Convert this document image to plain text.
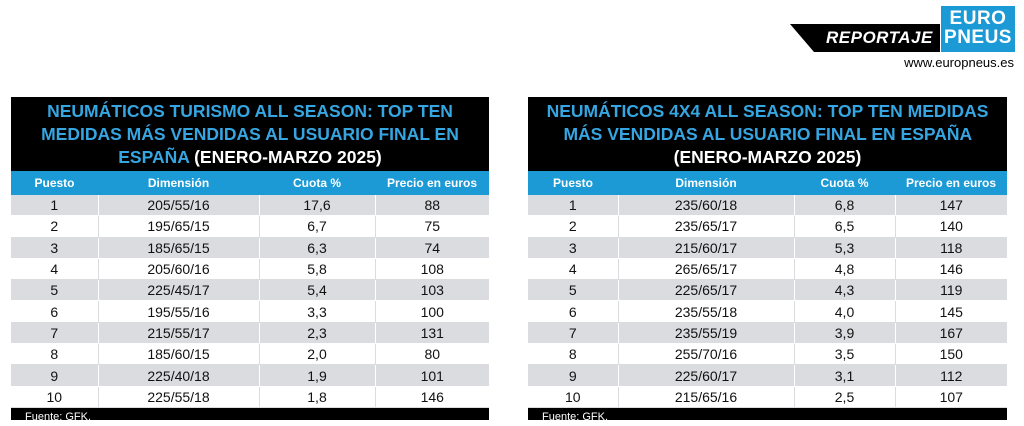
REPORTAJE
EURO
PNEUS
www.europneus.es
NEUMÁTICOS TURISMO ALL SEASON: TOP TEN MEDIDAS MÁS VENDIDAS AL USUARIO FINAL EN ESPAÑA (ENERO-MARZO 2025)
Puesto	Dimensión	Cuota %	Precio en euros
1	205/55/16	17,6	88
2	195/65/15	6,7	75
3	185/65/15	6,3	74
4	205/60/16	5,8	108
5	225/45/17	5,4	103
6	195/55/16	3,3	100
7	215/55/17	2,3	131
8	185/60/15	2,0	80
9	225/40/18	1,9	101
10	225/55/18	1,8	146
Fuente: GFK.
NEUMÁTICOS 4X4 ALL SEASON: TOP TEN MEDIDAS MÁS VENDIDAS AL USUARIO FINAL EN ESPAÑA (ENERO-MARZO 2025)
Puesto	Dimensión	Cuota %	Precio en euros
1	235/60/18	6,8	147
2	235/65/17	6,5	140
3	215/60/17	5,3	118
4	265/65/17	4,8	146
5	225/65/17	4,3	119
6	235/55/18	4,0	145
7	235/55/19	3,9	167
8	255/70/16	3,5	150
9	225/60/17	3,1	112
10	215/65/16	2,5	107
Fuente: GFK.
